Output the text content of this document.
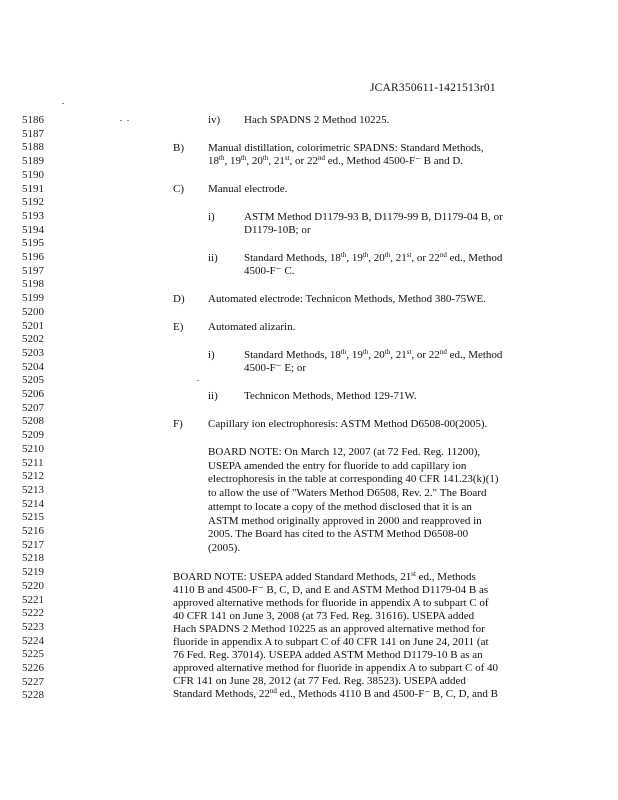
JCAR350611-1421513r01
5186
5187
5188
5189
5190
5191
5192
5193
5194
5195
5196
5197
5198
5199
5200
5201
5202
5203
5204
5205
5206
5207
5208
5209
5210
5211
5212
5213
5214
5215
5216
5217
5218
5219
5220
5221
5222
5223
5224
5225
5226
5227
5228
iv) Hach SPADNS 2 Method 10225.
B) Manual distillation, colorimetric SPADNS: Standard Methods,
18th, 19th, 20th, 21st, or 22nd ed., Method 4500-F⁻ B and D.
C) Manual electrode.
i)	ASTM Method D1179-93 B, D1179-99 B, D1179-04 B, or
D1179-10B; or
ii) Standard Methods, 18th, 19th, 20th, 21st, or 22nd ed., Method
4500-F⁻ C.
D) Automated electrode: Technicon Methods, Method 380-75WE.
E) Automated alizarin.
i)	Standard Methods, 18th, 19th, 20th, 21st, or 22nd ed., Method
4500-F⁻ E; or
ii) Technicon Methods, Method 129-71W.
F) Capillary ion electrophoresis: ASTM Method D6508-00(2005).
BOARD NOTE: On March 12, 2007 (at 72 Fed. Reg. 11200),
USEPA amended the entry for fluoride to add capillary ion
electrophoresis in the table at corresponding 40 CFR 141.23(k)(1)
to allow the use of "Waters Method D6508, Rev. 2." The Board
attempt to locate a copy of the method disclosed that it is an
ASTM method originally approved in 2000 and reapproved in
2005. The Board has cited to the ASTM Method D6508-00
(2005).
BOARD NOTE: USEPA added Standard Methods, 21st ed., Methods
4110 B and 4500-F⁻ B, C, D, and E and ASTM Method D1179-04 B as
approved alternative methods for fluoride in appendix A to subpart C of
40 CFR 141 on June 3, 2008 (at 73 Fed. Reg. 31616). USEPA added
Hach SPADNS 2 Method 10225 as an approved alternative method for
fluoride in appendix A to subpart C of 40 CFR 141 on June 24, 2011 (at
76 Fed. Reg. 37014). USEPA added ASTM Method D1179-10 B as an
approved alternative method for fluoride in appendix A to subpart C of 40
CFR 141 on June 28, 2012 (at 77 Fed. Reg. 38523). USEPA added
Standard Methods, 22nd ed., Methods 4110 B and 4500-F⁻ B, C, D, and B
